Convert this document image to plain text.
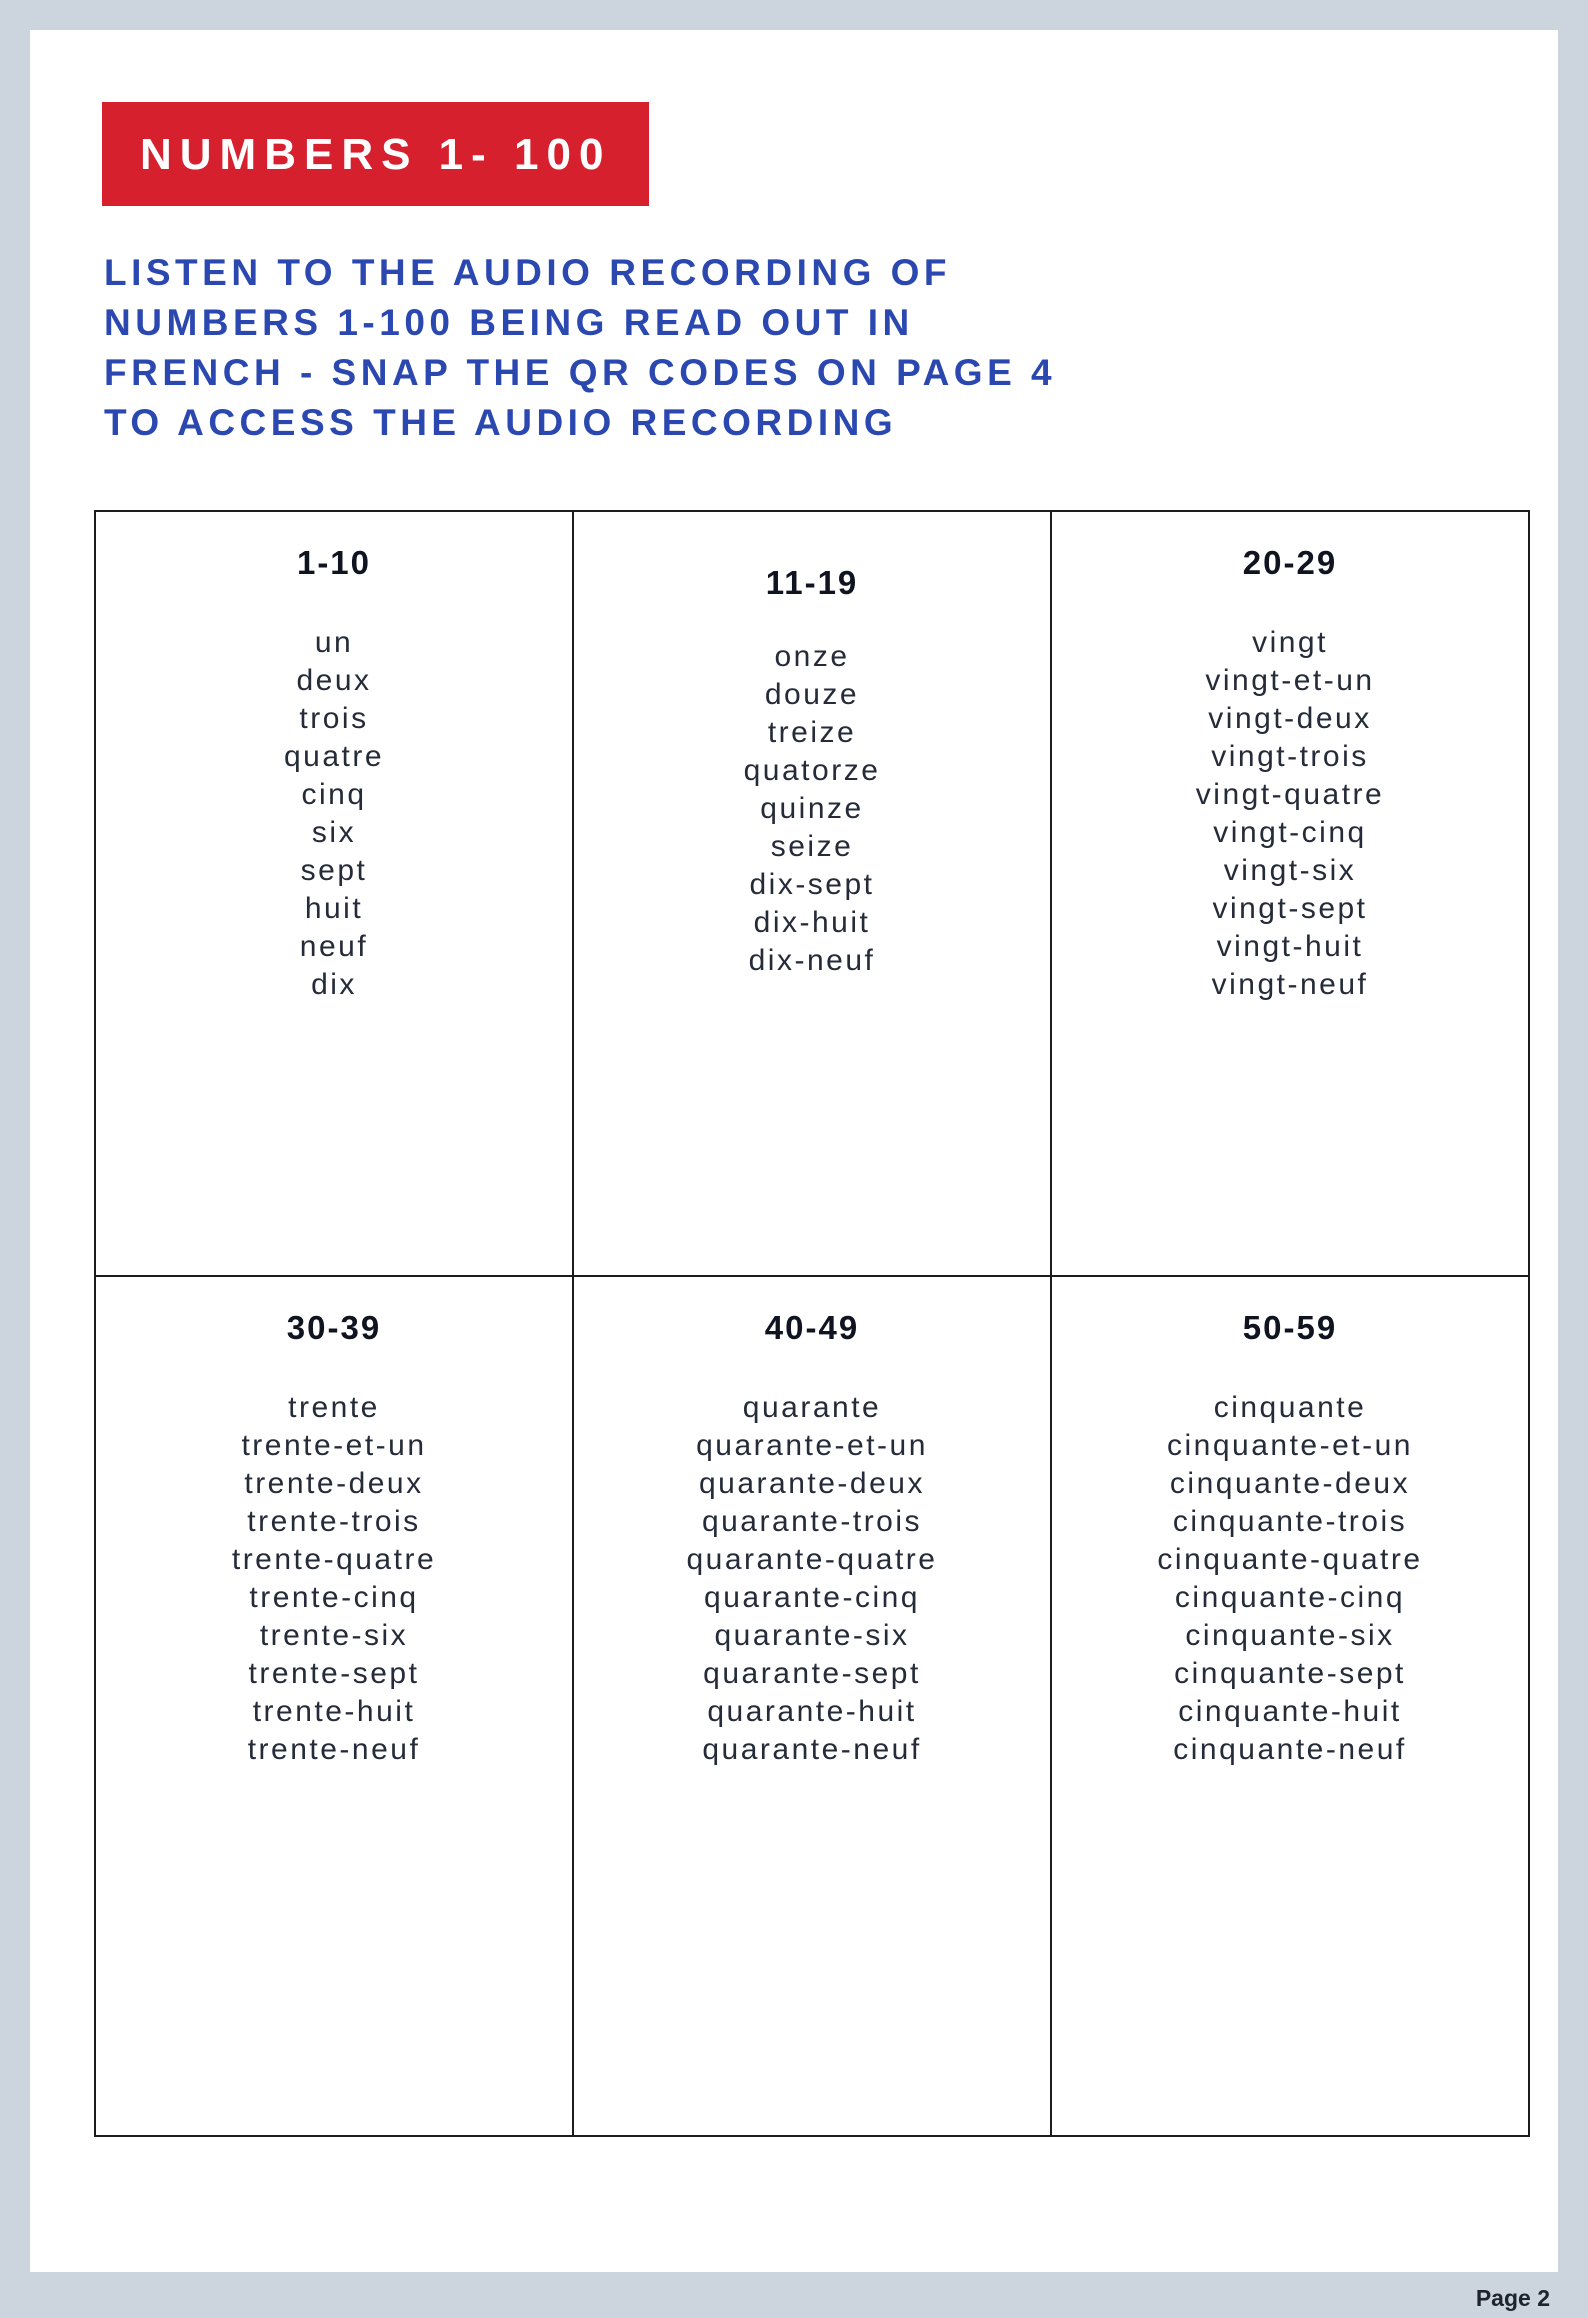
NUMBERS 1- 100
LISTEN TO THE AUDIO RECORDING OF
NUMBERS 1-100 BEING READ OUT IN
FRENCH - SNAP THE QR CODES ON PAGE 4
TO ACCESS THE AUDIO RECORDING
1-10
un
deux
trois
quatre
cinq
six
sept
huit
neuf
dix
11-19
onze
douze
treize
quatorze
quinze
seize
dix-sept
dix-huit
dix-neuf
20-29
vingt
vingt-et-un
vingt-deux
vingt-trois
vingt-quatre
vingt-cinq
vingt-six
vingt-sept
vingt-huit
vingt-neuf
30-39
trente
trente-et-un
trente-deux
trente-trois
trente-quatre
trente-cinq
trente-six
trente-sept
trente-huit
trente-neuf
40-49
quarante
quarante-et-un
quarante-deux
quarante-trois
quarante-quatre
quarante-cinq
quarante-six
quarante-sept
quarante-huit
quarante-neuf
50-59
cinquante
cinquante-et-un
cinquante-deux
cinquante-trois
cinquante-quatre
cinquante-cinq
cinquante-six
cinquante-sept
cinquante-huit
cinquante-neuf
Page 2
